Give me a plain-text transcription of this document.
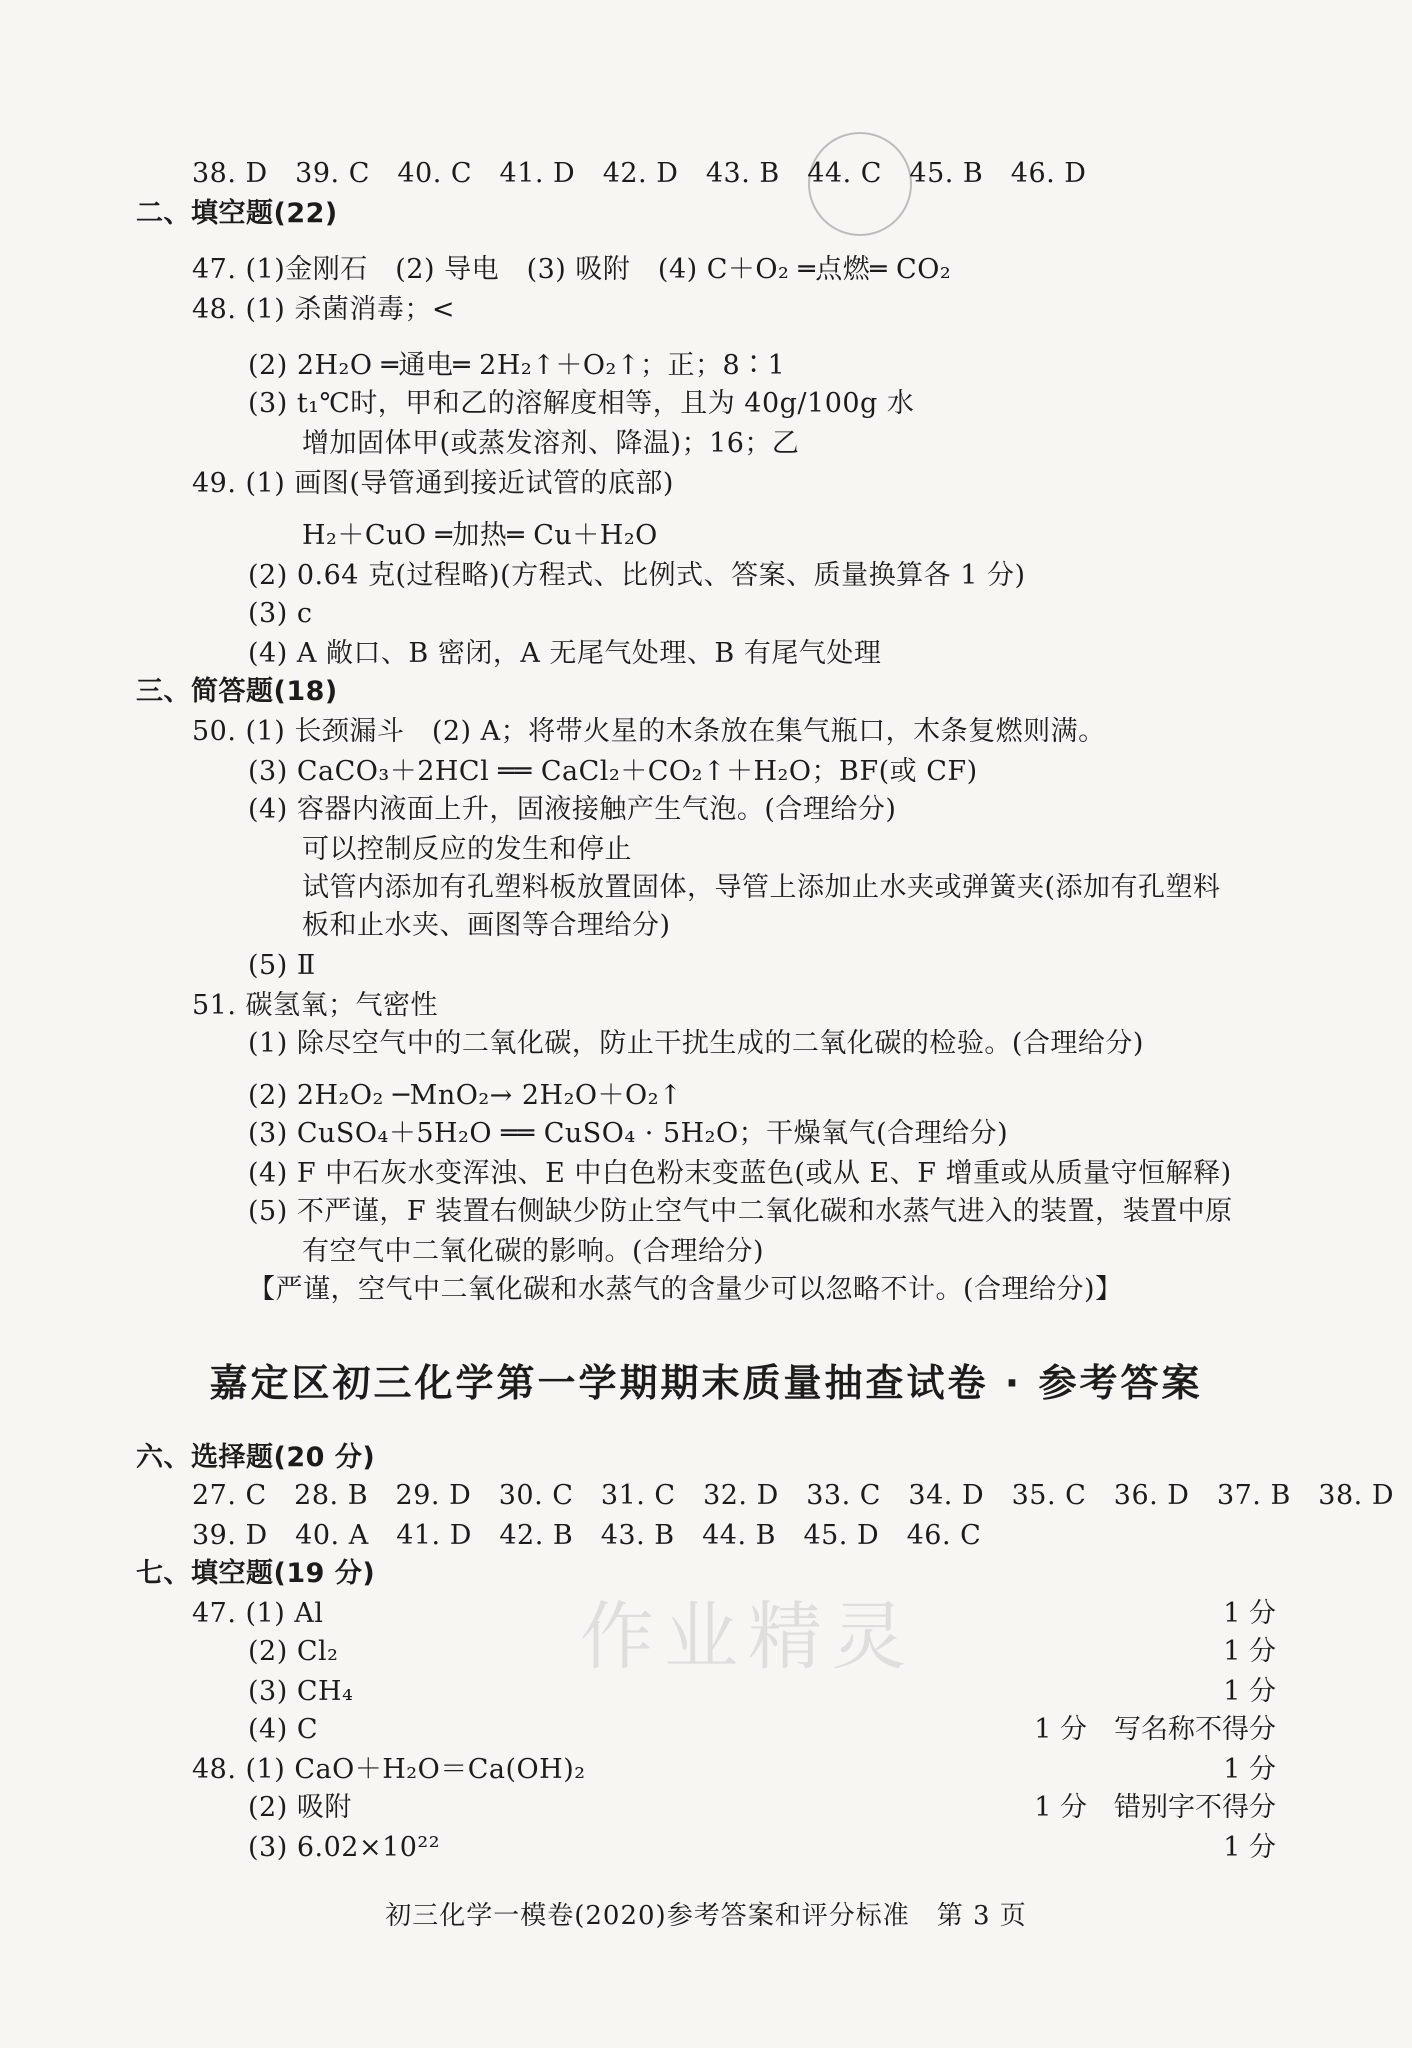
作业精灵
38. D　39. C　40. C　41. D　42. D　43. B　44. C　45. B　46. D
二、填空题(22)
47. (1)金刚石　(2) 导电　(3) 吸附　(4) C＋O₂ ═点燃═ CO₂
48. (1) 杀菌消毒；<
(2) 2H₂O ═通电═ 2H₂↑＋O₂↑；正；8∶1
(3) t₁℃时，甲和乙的溶解度相等，且为 40g/100g 水
增加固体甲(或蒸发溶剂、降温)；16；乙
49. (1) 画图(导管通到接近试管的底部)
H₂＋CuO ═加热═ Cu＋H₂O
(2) 0.64 克(过程略)(方程式、比例式、答案、质量换算各 1 分)
(3) c
(4) A 敞口、B 密闭，A 无尾气处理、B 有尾气处理
三、简答题(18)
50. (1) 长颈漏斗　(2) A；将带火星的木条放在集气瓶口，木条复燃则满。
(3) CaCO₃＋2HCl ══ CaCl₂＋CO₂↑＋H₂O；BF(或 CF)
(4) 容器内液面上升，固液接触产生气泡。(合理给分)
可以控制反应的发生和停止
试管内添加有孔塑料板放置固体，导管上添加止水夹或弹簧夹(添加有孔塑料
板和止水夹、画图等合理给分)
(5) Ⅱ
51. 碳氢氧；气密性
(1) 除尽空气中的二氧化碳，防止干扰生成的二氧化碳的检验。(合理给分)
(2) 2H₂O₂ ─MnO₂→ 2H₂O＋O₂↑
(3) CuSO₄＋5H₂O ══ CuSO₄ · 5H₂O；干燥氧气(合理给分)
(4) F 中石灰水变浑浊、E 中白色粉末变蓝色(或从 E、F 增重或从质量守恒解释)
(5) 不严谨，F 装置右侧缺少防止空气中二氧化碳和水蒸气进入的装置，装置中原
有空气中二氧化碳的影响。(合理给分)
【严谨，空气中二氧化碳和水蒸气的含量少可以忽略不计。(合理给分)】
嘉定区初三化学第一学期期末质量抽查试卷 · 参考答案
六、选择题(20 分)
27. C　28. B　29. D　30. C　31. C　32. D　33. C　34. D　35. C　36. D　37. B　38. D
39. D　40. A　41. D　42. B　43. B　44. B　45. D　46. C
七、填空题(19 分)
47. (1) Al	1 分
(2) Cl₂	1 分
(3) CH₄	1 分
(4) C	1 分　写名称不得分
48. (1) CaO＋H₂O＝Ca(OH)₂	1 分
(2) 吸附	1 分　错别字不得分
(3) 6.02×10²²	1 分
初三化学一模卷(2020)参考答案和评分标准　第 3 页
